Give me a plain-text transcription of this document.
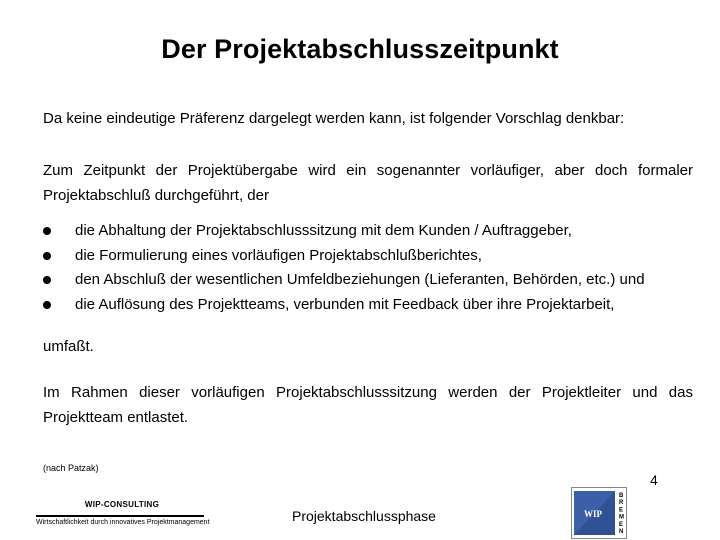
Der Projektabschlusszeitpunkt
Da keine eindeutige Präferenz dargelegt werden kann, ist folgender Vorschlag denkbar:
Zum Zeitpunkt der Projektübergabe wird ein sogenannter vorläufiger, aber doch formaler Projektabschluß durchgeführt, der
die Abhaltung der Projektabschlusssitzung mit dem Kunden / Auftraggeber,
die Formulierung eines vorläufigen Projektabschlußberichtes,
den Abschluß der wesentlichen Umfeldbeziehungen (Lieferanten, Behörden, etc.) und
die Auflösung des Projektteams, verbunden mit Feedback über ihre Projektarbeit,
umfaßt.
Im Rahmen dieser vorläufigen Projektabschlusssitzung werden der Projektleiter und das Projektteam entlastet.
(nach Patzak)
WIP-CONSULTING
Wirtschaftlichkeit durch innovatives Projektmanagement	Projektabschlussphase
4
WIP
B
R
E
M
E
N
